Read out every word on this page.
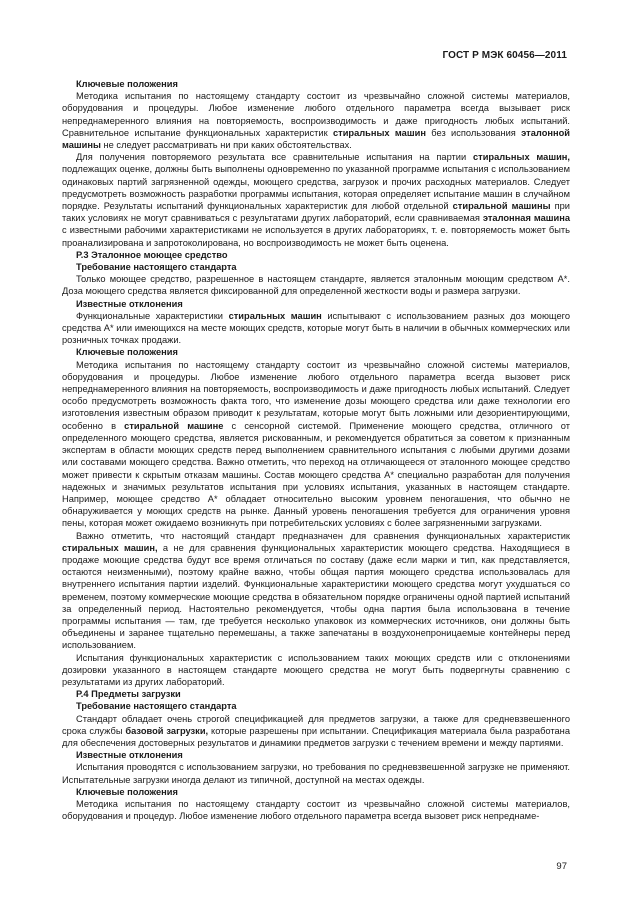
ГОСТ Р МЭК 60456—2011
Ключевые положения
Методика испытания по настоящему стандарту состоит из чрезвычайно сложной системы материалов, оборудования и процедуры. Любое изменение любого отдельного параметра всегда вызывает риск непреднамеренного влияния на повторяемость, воспроизводимость и даже пригодность любых испытаний. Сравнительное испытание функциональных характеристик стиральных машин без использования эталонной машины не следует рассматривать ни при каких обстоятельствах.
Для получения повторяемого результата все сравнительные испытания на партии стиральных машин, подлежащих оценке, должны быть выполнены одновременно по указанной программе испытания с использованием одинаковых партий загрязненной одежды, моющего средства, загрузок и прочих расходных материалов. Следует предусмотреть возможность разработки программы испытания, которая определяет испытание машин в случайном порядке. Результаты испытаний функциональных характеристик для любой отдельной стиральной машины при таких условиях не могут сравниваться с результатами других лабораторий, если сравниваемая эталонная машина с известными рабочими характеристиками не используется в других лабораториях, т. е. повторяемость может быть проанализирована и запротоколирована, но воспроизводимость не может быть оценена.
Р.3 Эталонное моющее средство
Требование настоящего стандарта
Только моющее средство, разрешенное в настоящем стандарте, является эталонным моющим средством А*. Доза моющего средства является фиксированной для определенной жесткости воды и размера загрузки.
Известные отклонения
Функциональные характеристики стиральных машин испытывают с использованием разных доз моющего средства А* или имеющихся на месте моющих средств, которые могут быть в наличии в обычных коммерческих или розничных точках продажи.
Ключевые положения
Методика испытания по настоящему стандарту состоит из чрезвычайно сложной системы материалов, оборудования и процедуры. Любое изменение любого отдельного параметра всегда вызовет риск непреднамеренного влияния на повторяемость, воспроизводимость и даже пригодность любых испытаний. Следует особо предусмотреть возможность факта того, что изменение дозы моющего средства или даже технологии его изготовления известным образом приводит к результатам, которые могут быть ложными или дезориентирующими, особенно в стиральной машине с сенсорной системой. Применение моющего средства, отличного от определенного моющего средства, является рискованным, и рекомендуется обратиться за советом к признанным экспертам в области моющих средств перед выполнением сравнительного испытания с любыми другими дозами или составами моющего средства. Важно отметить, что переход на отличающееся от эталонного моющее средство может привести к скрытым отказам машины. Состав моющего средства А* специально разработан для получения надежных и значимых результатов испытания при условиях испытания, указанных в настоящем стандарте. Например, моющее средство А* обладает относительно высоким уровнем пеногашения, что обычно не обнаруживается у моющих средств на рынке. Данный уровень пеногашения требуется для ограничения уровня пены, которая может ожидаемо возникнуть при потребительских условиях с более загрязненными загрузками.
Важно отметить, что настоящий стандарт предназначен для сравнения функциональных характеристик стиральных машин, а не для сравнения функциональных характеристик моющего средства. Находящиеся в продаже моющие средства будут все время отличаться по составу (даже если марки и тип, как представляется, остаются неизменными), поэтому крайне важно, чтобы общая партия моющего средства использовалась для внутреннего испытания партии изделий. Функциональные характеристики моющего средства могут ухудшаться со временем, поэтому коммерческие моющие средства в обязательном порядке ограничены одной партией испытаний за определенный период. Настоятельно рекомендуется, чтобы одна партия была использована в течение программы испытания — там, где требуется несколько упаковок из коммерческих источников, они должны быть объединены и заранее тщательно перемешаны, а также запечатаны в воздухонепроницаемые контейнеры перед использованием.
Испытания функциональных характеристик с использованием таких моющих средств или с отклонениями дозировки указанного в настоящем стандарте моющего средства не могут быть подвергнуты сравнению с результатами из других лабораторий.
Р.4 Предметы загрузки
Требование настоящего стандарта
Стандарт обладает очень строгой спецификацией для предметов загрузки, а также для средневзвешенного срока службы базовой загрузки, которые разрешены при испытании. Спецификация материала была разработана для обеспечения достоверных результатов и динамики предметов загрузки с течением времени и между партиями.
Известные отклонения
Испытания проводятся с использованием загрузки, но требования по средневзвешенной загрузке не применяют. Испытательные загрузки иногда делают из типичной, доступной на местах одежды.
Ключевые положения
Методика испытания по настоящему стандарту состоит из чрезвычайно сложной системы материалов, оборудования и процедур. Любое изменение любого отдельного параметра всегда вызовет риск непреднаме-
97
